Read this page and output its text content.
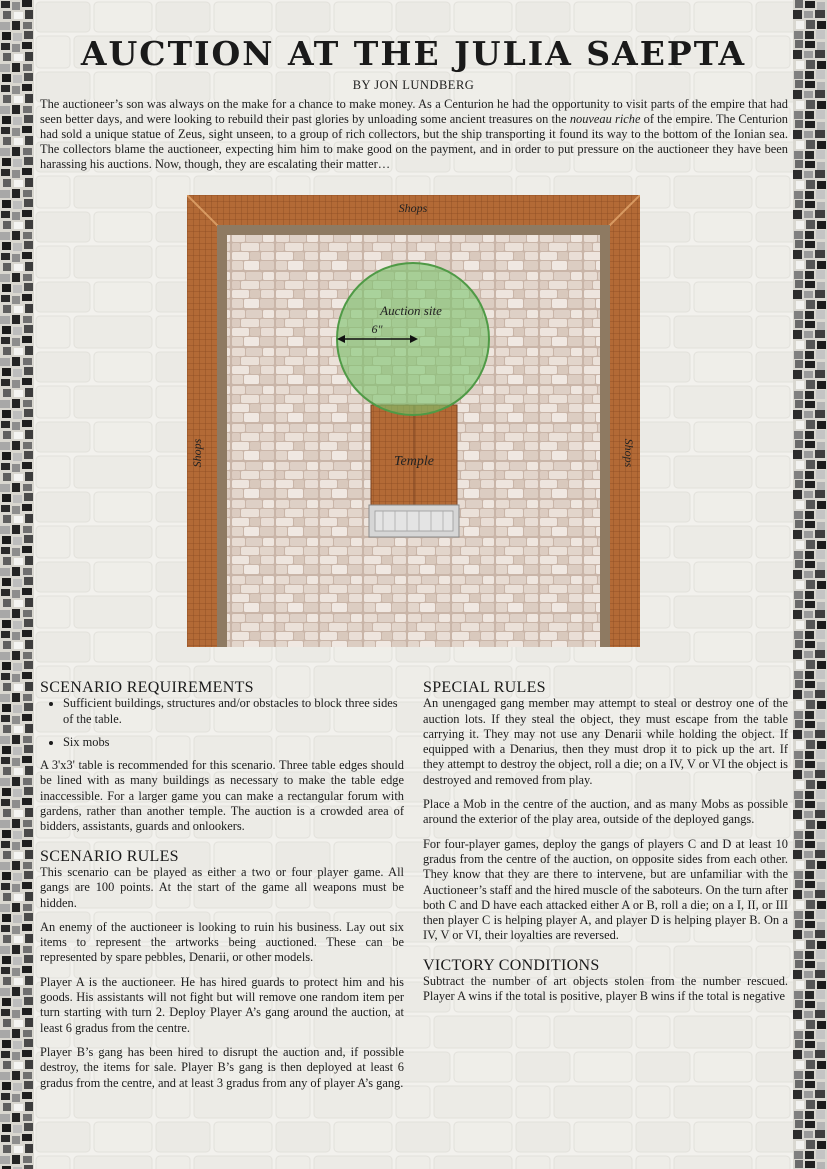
AUCTION AT THE JULIA SAEPTA

BY JON LUNDBERG

The auctioneer’s son was always on the make for a chance to make money. As a Centurion he had the opportunity to visit parts of the empire that had seen better days, and were looking to rebuild their past glories by unloading some ancient treasures on the nouveau riche of the empire. The Centurion had sold a unique statue of Zeus, sight unseen, to a group of rich collectors, but the ship transporting it found its way to the bottom of the Ionian sea. The collectors blame the auctioneer, expecting him him to make good on the payment, and in order to put pressure on the auctioneer they have been harassing his auctions. Now, though, they are escalating their matter…

Shops
Shops	Shops
Temple
Auction site
6"
SCENARIO REQUIREMENTS
• Sufficient buildings, structures and/or obstacles to block three sides of the table.
• Six mobs

A 3'x3' table is recommended for this scenario. Three table edges should be lined with as many buildings as necessary to make the table edge inaccessible. For a larger game you can make a rectangular forum with gardens, rather than another temple. The auction is a crowded area of bidders, assistants, guards and onlookers.

SCENARIO RULES

This scenario can be played as either a two or four player game. All gangs are 100 points. At the start of the game all weapons must be hidden.

An enemy of the auctioneer is looking to ruin his business. Lay out six items to represent the artworks being auctioned. These can be represented by spare pebbles, Denarii, or other models.

Player A is the auctioneer. He has hired guards to protect him and his goods. His assistants will not fight but will remove one random item per turn starting with turn 2. Deploy Player A’s gang around the auction, at least 6 gradus from the centre.

Player B’s gang has been hired to disrupt the auction and, if possible destroy, the items for sale. Player B’s gang is then deployed at least 6 gradus from the centre, and at least 3 gradus from any of player A’s gang.

SPECIAL RULES

An unengaged gang member may attempt to steal or destroy one of the auction lots. If they steal the object, they must escape from the table carrying it. They may not use any Denarii while holding the object. If equipped with a Denarius, then they must drop it to pick up the art. If they attempt to destroy the object, roll a die; on a IV, V or VI the object is destroyed and removed from play.

Place a Mob in the centre of the auction, and as many Mobs as possible around the exterior of the play area, outside of the deployed gangs.

For four-player games, deploy the gangs of players C and D at least 10 gradus from the centre of the auction, on opposite sides from each other. They know that they are there to intervene, but are unfamiliar with the Auctioneer’s staff and the hired muscle of the saboteurs. On the turn after both C and D have each attacked either A or B, roll a die; on a I, II, or III then player C is helping player A, and player D is helping player B. On a IV, V or VI, their loyalties are reversed.

VICTORY CONDITIONS

Subtract the number of art objects stolen from the number rescued. Player A wins if the total is positive, player B wins if the total is negative
